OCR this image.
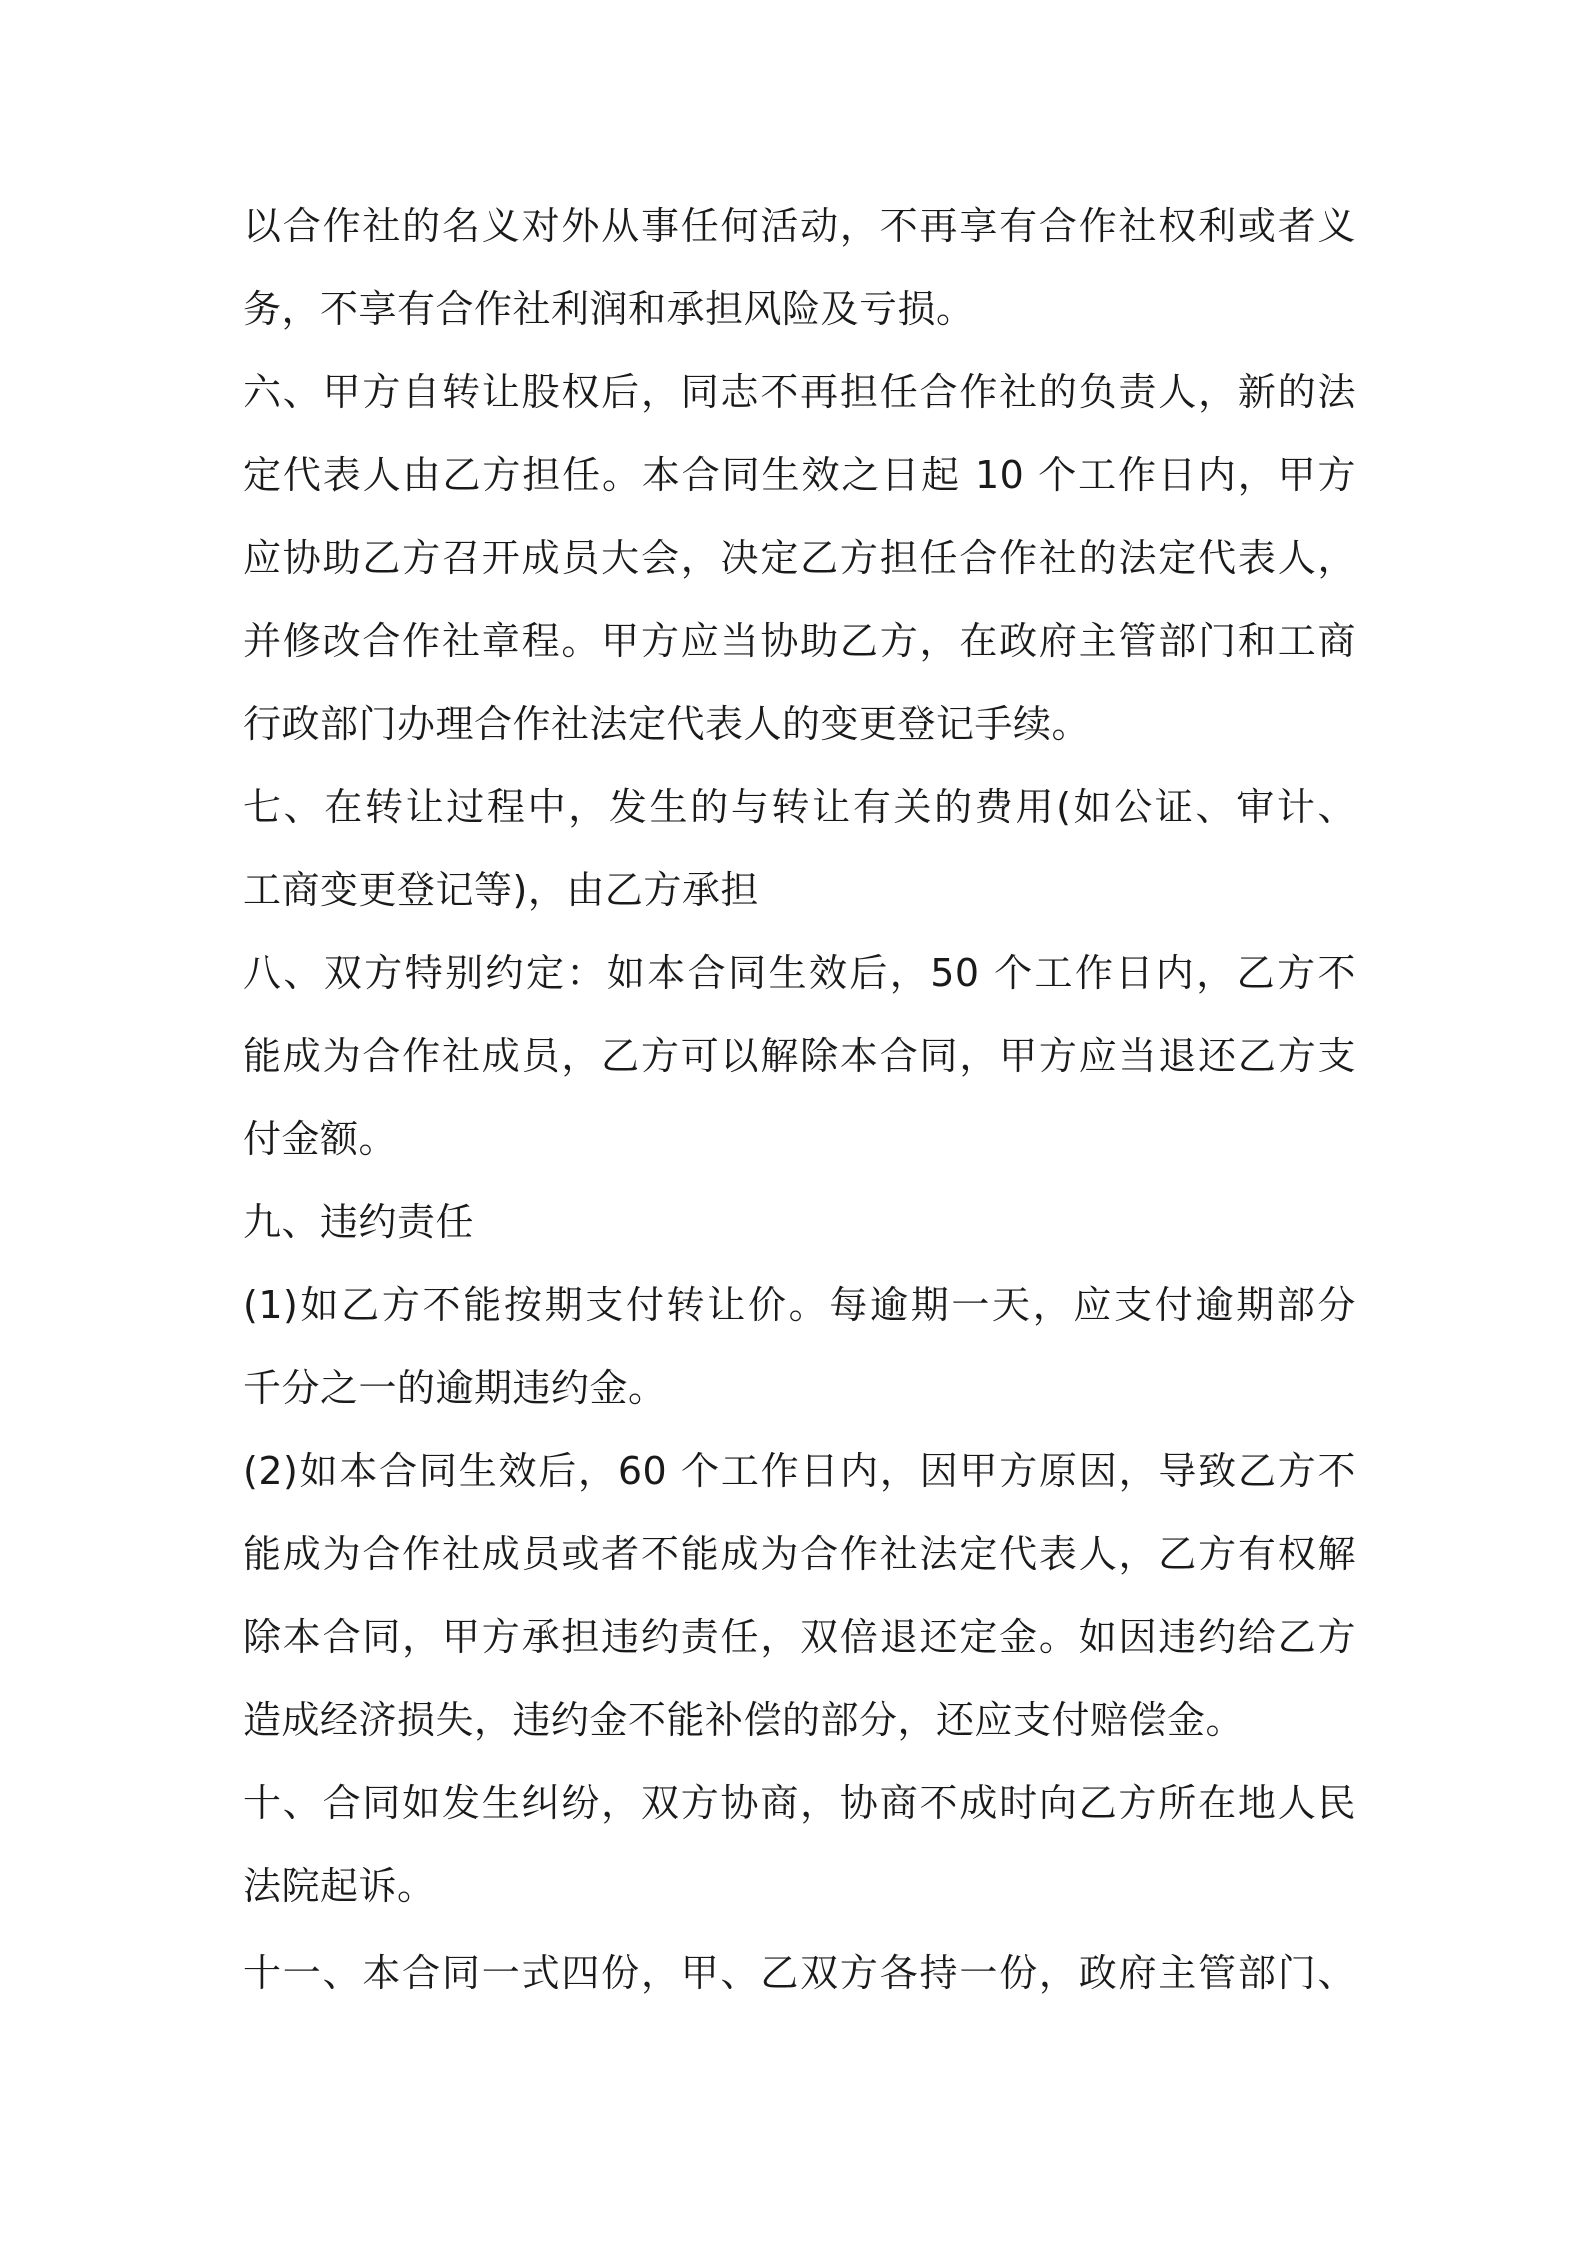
以合作社的名义对外从事任何活动，不再享有合作社权利或者义
务，不享有合作社利润和承担风险及亏损。
六、甲方自转让股权后，同志不再担任合作社的负责人，新的法
定代表人由乙方担任。本合同生效之日起 10 个工作日内，甲方
应协助乙方召开成员大会，决定乙方担任合作社的法定代表人，
并修改合作社章程。甲方应当协助乙方，在政府主管部门和工商
行政部门办理合作社法定代表人的变更登记手续。
七、在转让过程中，发生的与转让有关的费用(如公证、审计、
工商变更登记等)，由乙方承担
八、双方特别约定：如本合同生效后，50 个工作日内，乙方不
能成为合作社成员，乙方可以解除本合同，甲方应当退还乙方支
付金额。
九、违约责任
(1)如乙方不能按期支付转让价。每逾期一天，应支付逾期部分
千分之一的逾期违约金。
(2)如本合同生效后，60 个工作日内，因甲方原因，导致乙方不
能成为合作社成员或者不能成为合作社法定代表人，乙方有权解
除本合同，甲方承担违约责任，双倍退还定金。如因违约给乙方
造成经济损失，违约金不能补偿的部分，还应支付赔偿金。
十、合同如发生纠纷，双方协商，协商不成时向乙方所在地人民
法院起诉。
十一、本合同一式四份，甲、乙双方各持一份，政府主管部门、
